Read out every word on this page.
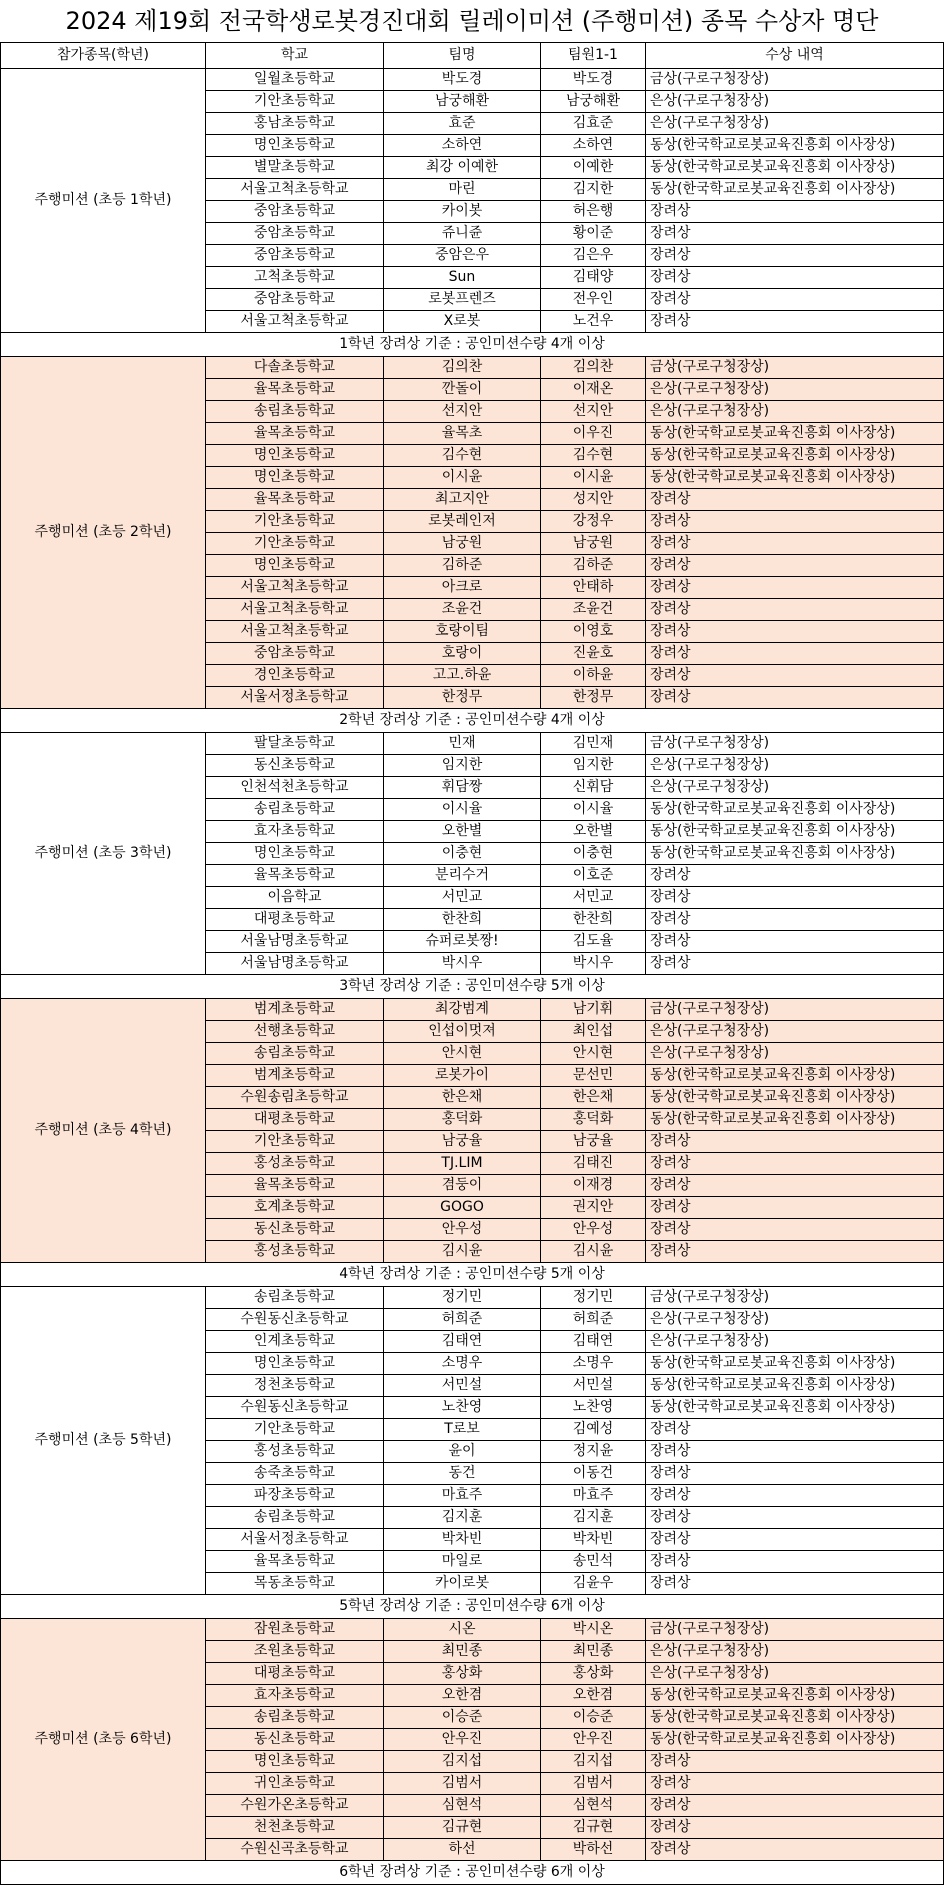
2024 제19회 전국학생로봇경진대회 릴레이미션 (주행미션) 종목 수상자 명단
참가종목(학년)	학교	팀명	팀원1-1	수상 내역
주행미션 (초등 1학년)	일월초등학교	박도경	박도경	금상(구로구청장상)
	기안초등학교	남궁해환	남궁해환	은상(구로구청장상)
	홍남초등학교	효준	김효준	은상(구로구청장상)
	명인초등학교	소하연	소하연	동상(한국학교로봇교육진흥회 이사장상)
	별말초등학교	최강 이예한	이예한	동상(한국학교로봇교육진흥회 이사장상)
	서울고척초등학교	마린	김지한	동상(한국학교로봇교육진흥회 이사장상)
	중암초등학교	카이봇	허은행	장려상
	중암초등학교	쥬니쥰	황이준	장려상
	중암초등학교	중암은우	김은우	장려상
	고척초등학교	Sun	김태양	장려상
	중암초등학교	로봇프렌즈	전우인	장려상
	서울고척초등학교	X로봇	노건우	장려상
1학년 장려상 기준 : 공인미션수량 4개 이상				
주행미션 (초등 2학년)	다솔초등학교	김의찬	김의찬	금상(구로구청장상)
	율목초등학교	깐돌이	이재온	은상(구로구청장상)
	송림초등학교	선지안	선지안	은상(구로구청장상)
	율목초등학교	율목초	이우진	동상(한국학교로봇교육진흥회 이사장상)
	명인초등학교	김수현	김수현	동상(한국학교로봇교육진흥회 이사장상)
	명인초등학교	이시윤	이시윤	동상(한국학교로봇교육진흥회 이사장상)
	율목초등학교	최고지안	성지안	장려상
	기안초등학교	로봇레인저	강정우	장려상
	기안초등학교	남궁원	남궁원	장려상
	명인초등학교	김하준	김하준	장려상
	서울고척초등학교	아크로	안태하	장려상
	서울고척초등학교	조윤건	조윤건	장려상
	서울고척초등학교	호랑이팀	이영호	장려상
	중암초등학교	호랑이	진윤호	장려상
	경인초등학교	고고.하윤	이하윤	장려상
	서울서정초등학교	한정무	한정무	장려상
2학년 장려상 기준 : 공인미션수량 4개 이상				
주행미션 (초등 3학년)	팔달초등학교	민재	김민재	금상(구로구청장상)
	동신초등학교	임지한	임지한	은상(구로구청장상)
	인천석천초등학교	휘담짱	신휘담	은상(구로구청장상)
	송림초등학교	이시율	이시율	동상(한국학교로봇교육진흥회 이사장상)
	효자초등학교	오한별	오한별	동상(한국학교로봇교육진흥회 이사장상)
	명인초등학교	이충현	이충현	동상(한국학교로봇교육진흥회 이사장상)
	율목초등학교	분리수거	이호준	장려상
	이음학교	서민교	서민교	장려상
	대평초등학교	한찬희	한찬희	장려상
	서울남명초등학교	슈퍼로봇짱!	김도율	장려상
	서울남명초등학교	박시우	박시우	장려상
3학년 장려상 기준 : 공인미션수량 5개 이상				
주행미션 (초등 4학년)	범계초등학교	최강범계	남기휘	금상(구로구청장상)
	선행초등학교	인섭이멋져	최인섭	은상(구로구청장상)
	송림초등학교	안시현	안시현	은상(구로구청장상)
	범계초등학교	로봇가이	문선민	동상(한국학교로봇교육진흥회 이사장상)
	수원송림초등학교	한은채	한은채	동상(한국학교로봇교육진흥회 이사장상)
	대평초등학교	홍덕화	홍덕화	동상(한국학교로봇교육진흥회 이사장상)
	기안초등학교	남궁율	남궁율	장려상
	홍성초등학교	TJ.LIM	김태진	장려상
	율목초등학교	겸둥이	이재경	장려상
	호계초등학교	GOGO	권지안	장려상
	동신초등학교	안우성	안우성	장려상
	홍성초등학교	김시윤	김시윤	장려상
4학년 장려상 기준 : 공인미션수량 5개 이상				
주행미션 (초등 5학년)	송림초등학교	정기민	정기민	금상(구로구청장상)
	수원동신초등학교	허희준	허희준	은상(구로구청장상)
	인계초등학교	김태연	김태연	은상(구로구청장상)
	명인초등학교	소명우	소명우	동상(한국학교로봇교육진흥회 이사장상)
	정천초등학교	서민설	서민설	동상(한국학교로봇교육진흥회 이사장상)
	수원동신초등학교	노찬영	노찬영	동상(한국학교로봇교육진흥회 이사장상)
	기안초등학교	T로보	김예성	장려상
	홍성초등학교	윤이	정지윤	장려상
	송죽초등학교	동건	이동건	장려상
	파장초등학교	마효주	마효주	장려상
	송림초등학교	김지훈	김지훈	장려상
	서울서정초등학교	박차빈	박차빈	장려상
	율목초등학교	마일로	송민석	장려상
	목동초등학교	카이로봇	김윤우	장려상
5학년 장려상 기준 : 공인미션수량 6개 이상				
주행미션 (초등 6학년)	잠원초등학교	시온	박시온	금상(구로구청장상)
	조원초등학교	최민종	최민종	은상(구로구청장상)
	대평초등학교	홍상화	홍상화	은상(구로구청장상)
	효자초등학교	오한겸	오한겸	동상(한국학교로봇교육진흥회 이사장상)
	송림초등학교	이승준	이승준	동상(한국학교로봇교육진흥회 이사장상)
	동신초등학교	안우진	안우진	동상(한국학교로봇교육진흥회 이사장상)
	명인초등학교	김지섭	김지섭	장려상
	귀인초등학교	김범서	김범서	장려상
	수원가온초등학교	심현석	심현석	장려상
	천천초등학교	김규현	김규현	장려상
	수원신곡초등학교	하선	박하선	장려상
6학년 장려상 기준 : 공인미션수량 6개 이상				
